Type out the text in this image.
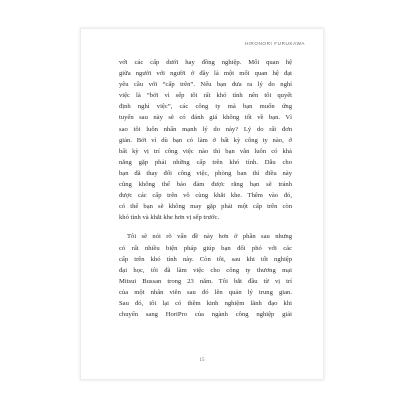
HIRONORI FURUKAWA
với các cấp dưới hay đồng nghiệp. Mối quan hệ
giữa người với người ở đây là một mối quan hệ đạt
yêu cầu với “cấp trên”. Nếu bạn đưa ra lý do nghỉ
việc là “bởi vì sếp tôi rất khó tính nên tôi quyết
định nghỉ việc”, các công ty mà bạn muốn ứng
tuyển sau này sẽ có đánh giá không tốt về bạn. Vì
sao tôi luôn nhấn mạnh lý do này? Lý do rất đơn
giản. Bởi vì dù bạn có làm ở bất kỳ công ty nào, ở
bất kỳ vị trí công việc nào thì bạn vẫn luôn có khả
năng gặp phải những cấp trên khó tính. Dẫu cho
bạn đã thay đổi công việc, phòng ban thì điều này
cũng không thể bảo đảm được rằng bạn sẽ tránh
được các cấp trên vô cùng khắt khe. Thêm vào đó,
có thể bạn sẽ không may gặp phải một cấp trên còn
khó tính và khắt khe hơn vị sếp trước.
Tôi sẽ nói rõ vấn đề này hơn ở phần sau nhưng
có rất nhiều biện pháp giúp bạn đối phó với các
cấp trên khó tính này. Còn tôi, sau khi tốt nghiệp
đại học, tôi đã làm việc cho công ty thương mại
Mitsui Bussan trong 23 năm. Tôi bắt đầu từ vị trí
của một nhân viên sau đó lên quản lý trung gian.
Sau đó, tôi lại có thêm kinh nghiệm lãnh đạo khi
chuyển sang HoriPro của ngành công nghiệp giải
15
